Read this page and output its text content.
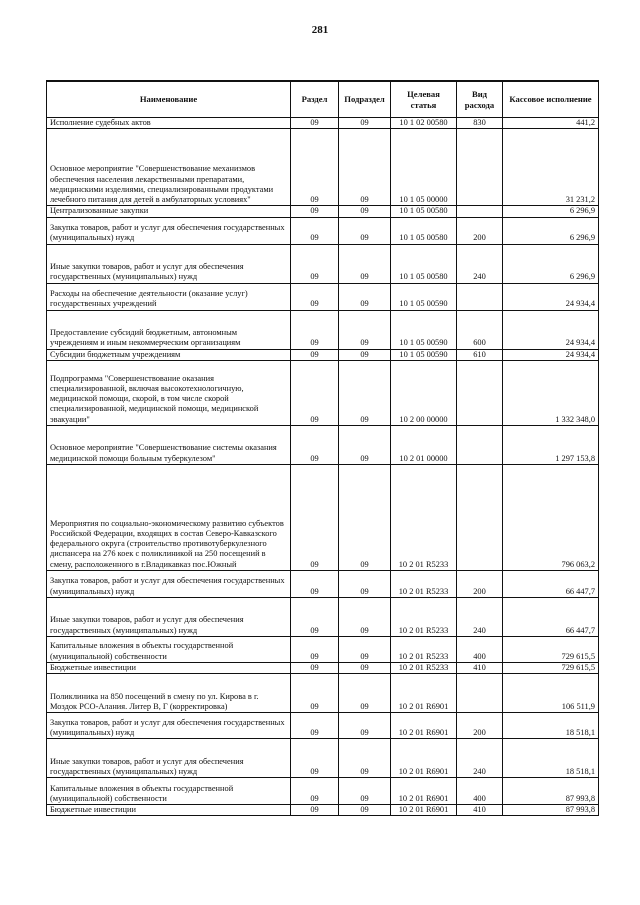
281
Наименование	Раздел	Подраздел	Целевая статья	Вид расхода	Кассовое исполнение
Исполнение судебных актов	09	09	10 1 02 00580	830	441,2
Основное мероприятие "Совершенствование механизмов обеспечения населения лекарственными препаратами, медицинскими изделиями, специализированными продуктами лечебного питания для детей в амбулаторных условиях"	09	09	10 1 05 00000		31 231,2
Централизованные закупки	09	09	10 1 05 00580		6 296,9
Закупка товаров, работ и услуг для обеспечения государственных (муниципальных) нужд	09	09	10 1 05 00580	200	6 296,9
Иные закупки товаров, работ и услуг для обеспечения государственных (муниципальных) нужд	09	09	10 1 05 00580	240	6 296,9
Расходы на обеспечение деятельности (оказание услуг) государственных учреждений	09	09	10 1 05 00590		24 934,4
Предоставление субсидий бюджетным, автономным учреждениям и иным некоммерческим организациям	09	09	10 1 05 00590	600	24 934,4
Субсидии бюджетным учреждениям	09	09	10 1 05 00590	610	24 934,4
Подпрограмма "Совершенствование оказания специализированной, включая высокотехнологичную, медицинской помощи, скорой, в том числе скорой специализированной, медицинской помощи, медицинской эвакуации"	09	09	10 2 00 00000		1 332 348,0
Основное мероприятие "Совершенствование системы оказания медицинской помощи больным туберкулезом"	09	09	10 2 01 00000		1 297 153,8
Мероприятия по социально-экономическому развитию субъектов Российской Федерации, входящих в состав Северо-Кавказского федерального округа (строительство противотуберкулезного диспансера на 276 коек с поликлиникой на 250 посещений в смену, расположенного в г.Владикавказ пос.Южный	09	09	10 2 01 R5233		796 063,2
Закупка товаров, работ и услуг для обеспечения государственных (муниципальных) нужд	09	09	10 2 01 R5233	200	66 447,7
Иные закупки товаров, работ и услуг для обеспечения государственных (муниципальных) нужд	09	09	10 2 01 R5233	240	66 447,7
Капитальные вложения в объекты государственной (муниципальной) собственности	09	09	10 2 01 R5233	400	729 615,5
Бюджетные инвестиции	09	09	10 2 01 R5233	410	729 615,5
Поликлиника на 850 посещений в смену по ул. Кирова в г. Моздок РСО-Алания. Литер В, Г (корректировка)	09	09	10 2 01 R6901		106 511,9
Закупка товаров, работ и услуг для обеспечения государственных (муниципальных) нужд	09	09	10 2 01 R6901	200	18 518,1
Иные закупки товаров, работ и услуг для обеспечения государственных (муниципальных) нужд	09	09	10 2 01 R6901	240	18 518,1
Капитальные вложения в объекты государственной (муниципальной) собственности	09	09	10 2 01 R6901	400	87 993,8
Бюджетные инвестиции	09	09	10 2 01 R6901	410	87 993,8
